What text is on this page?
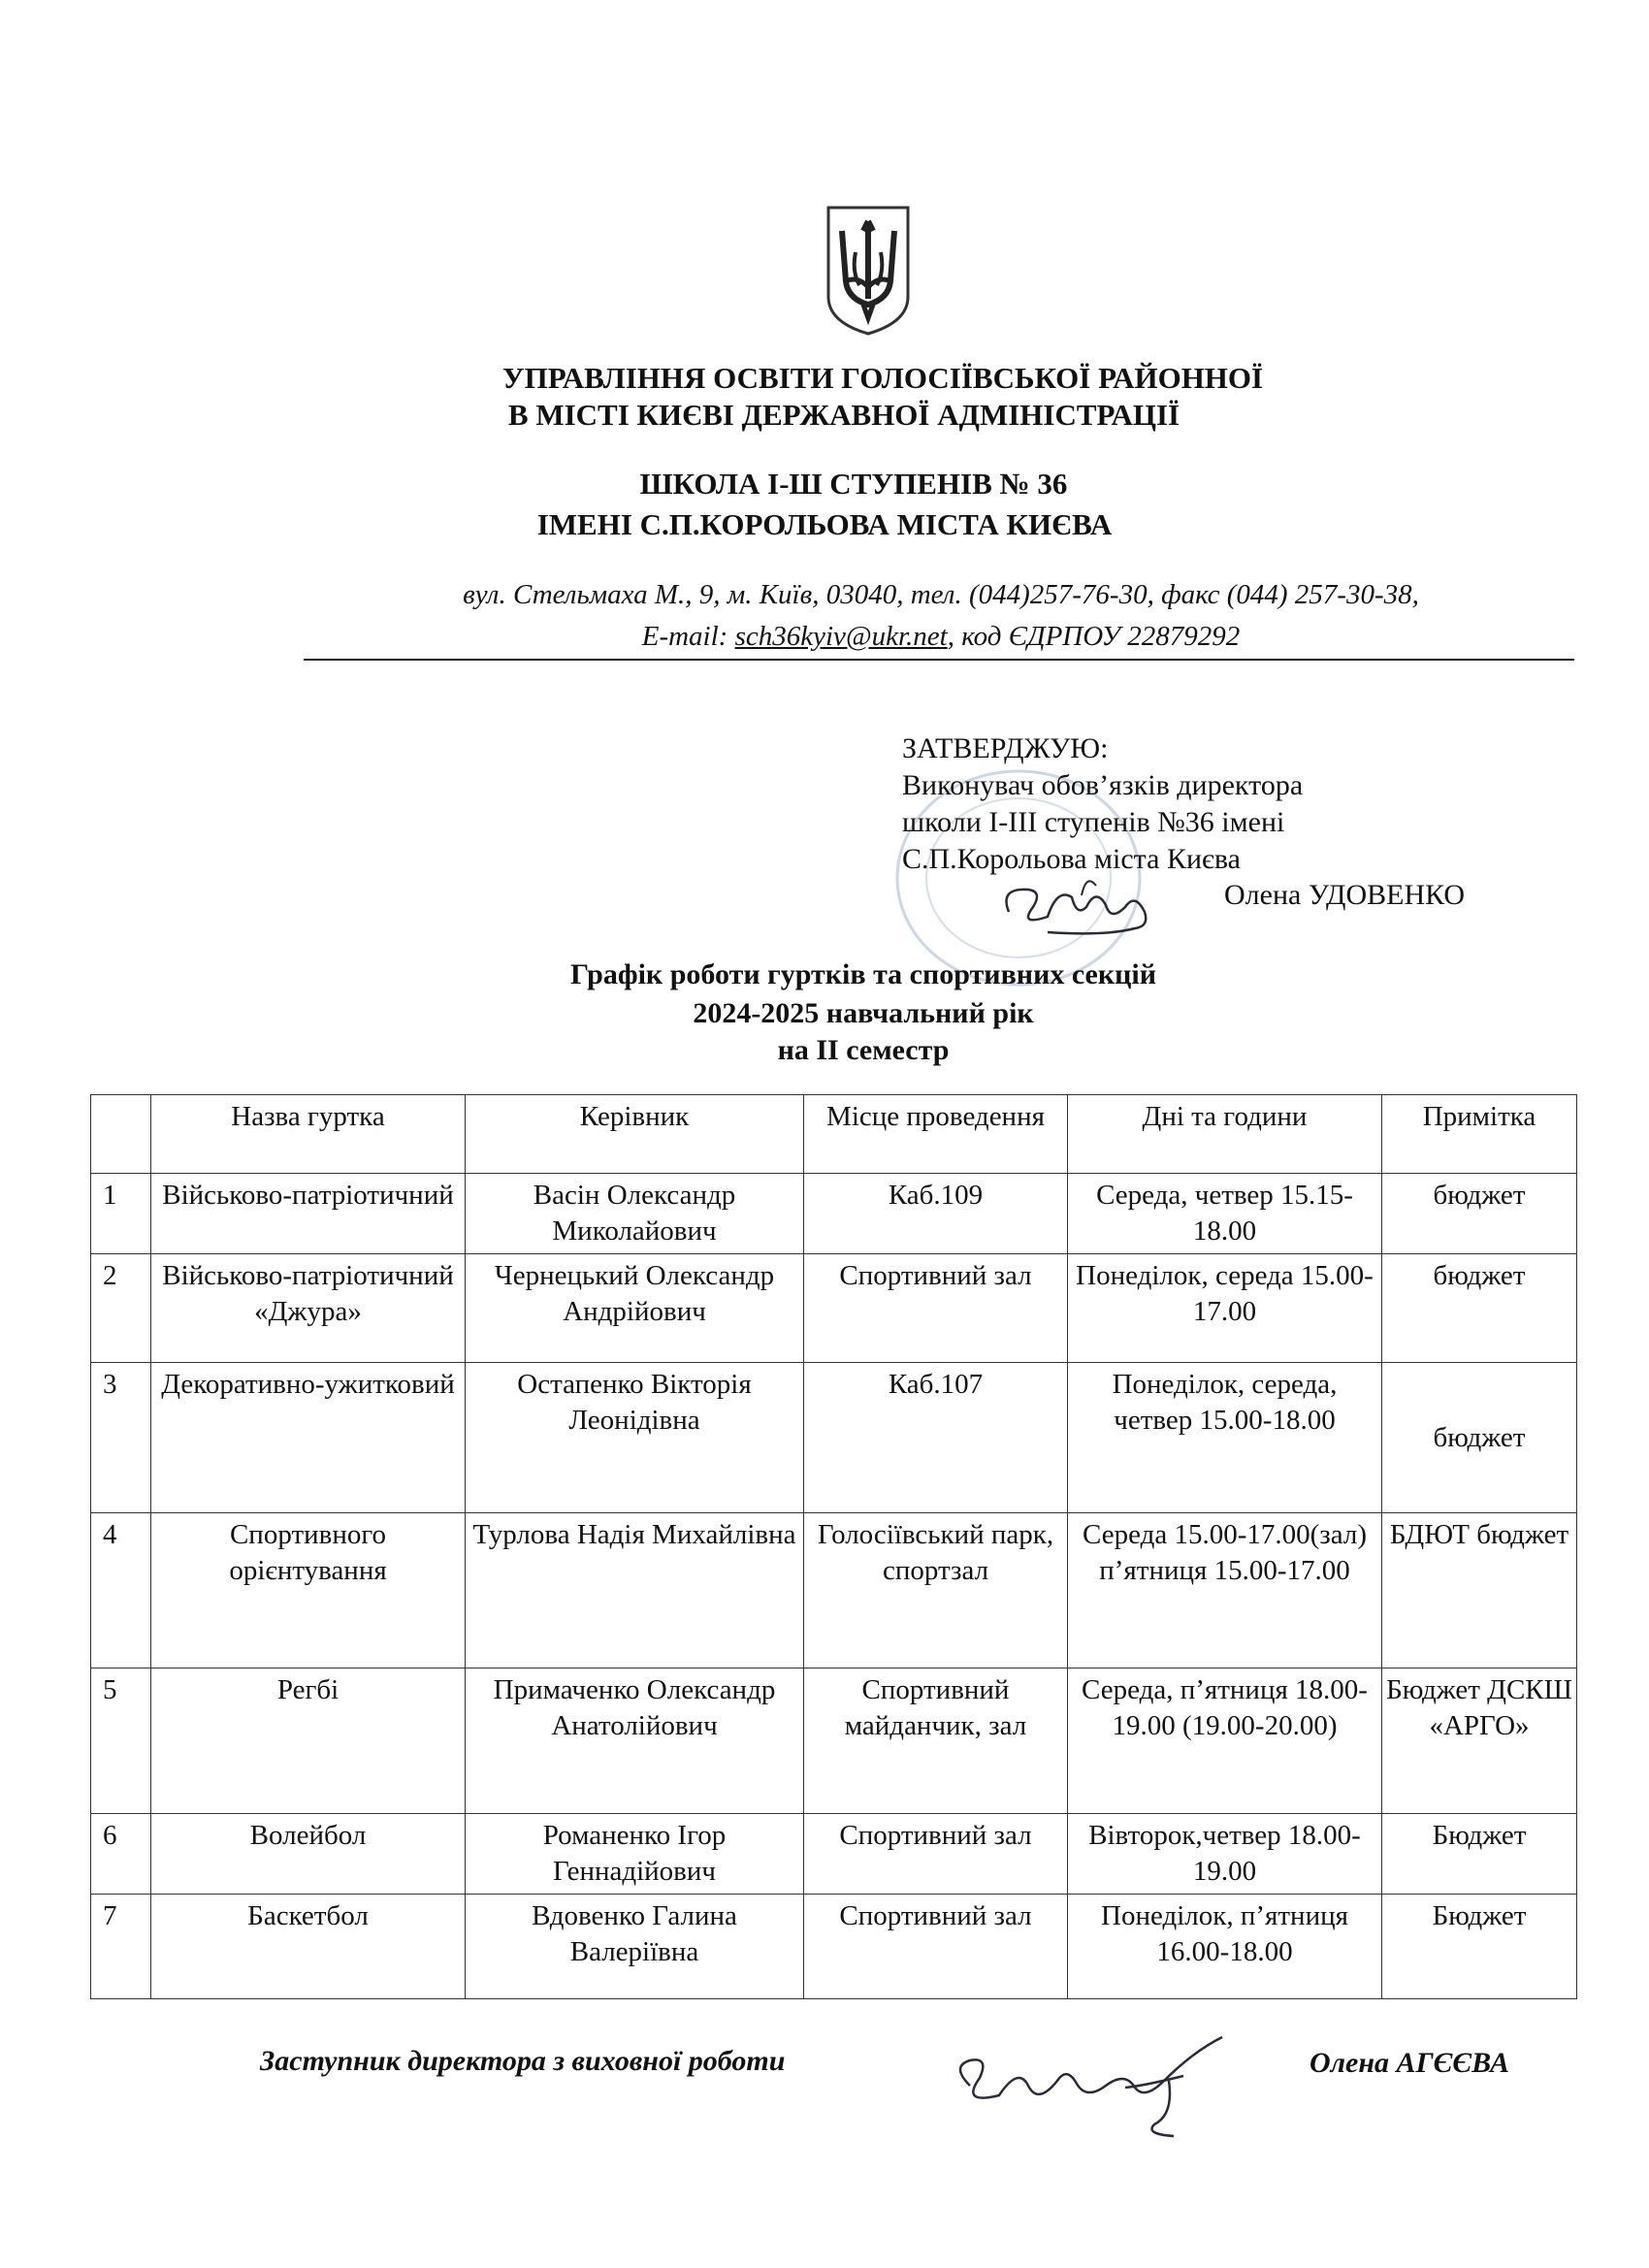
УПРАВЛІННЯ ОСВІТИ ГОЛОСІЇВСЬКОЇ РАЙОННОЇ
В МІСТІ КИЄВІ ДЕРЖАВНОЇ АДМІНІСТРАЦІЇ
ШКОЛА І-Ш СТУПЕНІВ № 36
ІМЕНІ С.П.КОРОЛЬОВА МІСТА КИЄВА
вул. Стельмаха М., 9, м. Київ, 03040, тел. (044)257-76-30, факс (044) 257-30-38,
E-mail: sch36kyiv@ukr.net, код ЄДРПОУ 22879292
ЗАТВЕРДЖУЮ:
Виконувач обов’язків директора
школи І-ІІІ ступенів №36 імені
С.П.Корольова міста Києва
Олена УДОВЕНКО
Графік роботи гуртків та спортивних секцій
2024-2025 навчальний рік
на ІІ семестр
	Назва гуртка	Керівник	Місце проведення	Дні та години	Примітка
1	Військово-патріотичний	Васін Олександр Миколайович	Каб.109	Середа, четвер 15.15-18.00	бюджет
2	Військово-патріотичний «Джура»	Чернецький Олександр Андрійович	Спортивний зал	Понеділок, середа 15.00-17.00	бюджет
3	Декоративно-ужитковий	Остапенко Вікторія Леонідівна	Каб.107	Понеділок, середа, четвер 15.00-18.00	бюджет
4	Спортивного орієнтування	Турлова Надія Михайлівна	Голосіївський парк, спортзал	Середа 15.00-17.00(зал) п’ятниця 15.00-17.00	БДЮТ бюджет
5	Регбі	Примаченко Олександр Анатолійович	Спортивний майданчик, зал	Середа, п’ятниця 18.00-19.00 (19.00-20.00)	Бюджет ДСКШ «АРГО»
6	Волейбол	Романенко Ігор Геннадійович	Спортивний зал	Вівторок,четвер 18.00-19.00	Бюджет
7	Баскетбол	Вдовенко Галина Валеріївна	Спортивний зал	Понеділок, п’ятниця 16.00-18.00	Бюджет
Заступник директора з виховної роботи	Олена АГЄЄВА
